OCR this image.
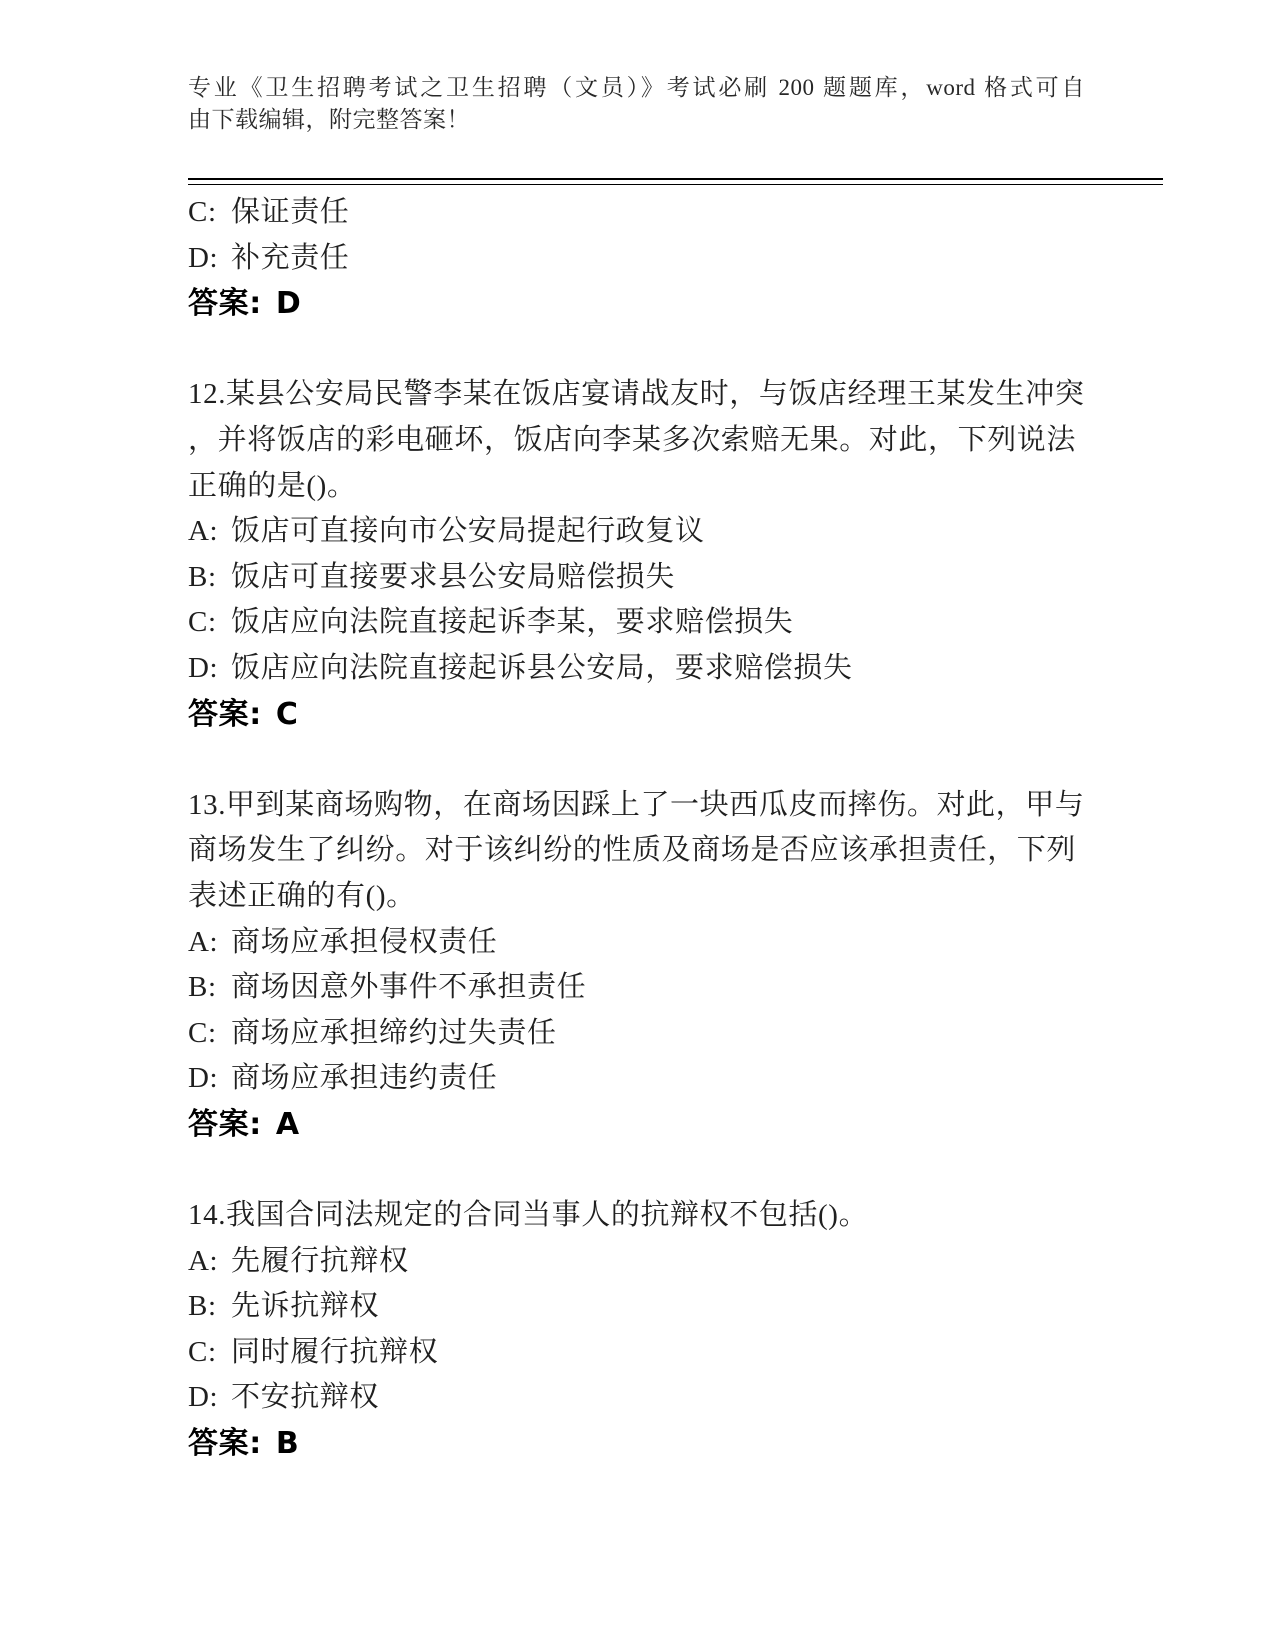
专业《卫生招聘考试之卫生招聘（文员）》考试必刷 200 题题库，word 格式可自
由下载编辑，附完整答案！
C: 保证责任
D: 补充责任
答案: D
12.某县公安局民警李某在饭店宴请战友时，与饭店经理王某发生冲突
，并将饭店的彩电砸坏，饭店向李某多次索赔无果。对此，下列说法
正确的是()。
A: 饭店可直接向市公安局提起行政复议
B: 饭店可直接要求县公安局赔偿损失
C: 饭店应向法院直接起诉李某，要求赔偿损失
D: 饭店应向法院直接起诉县公安局，要求赔偿损失
答案: C
13.甲到某商场购物，在商场因踩上了一块西瓜皮而摔伤。对此，甲与
商场发生了纠纷。对于该纠纷的性质及商场是否应该承担责任，下列
表述正确的有()。
A: 商场应承担侵权责任
B: 商场因意外事件不承担责任
C: 商场应承担缔约过失责任
D: 商场应承担违约责任
答案: A
14.我国合同法规定的合同当事人的抗辩权不包括()。
A: 先履行抗辩权
B: 先诉抗辩权
C: 同时履行抗辩权
D: 不安抗辩权
答案: B
